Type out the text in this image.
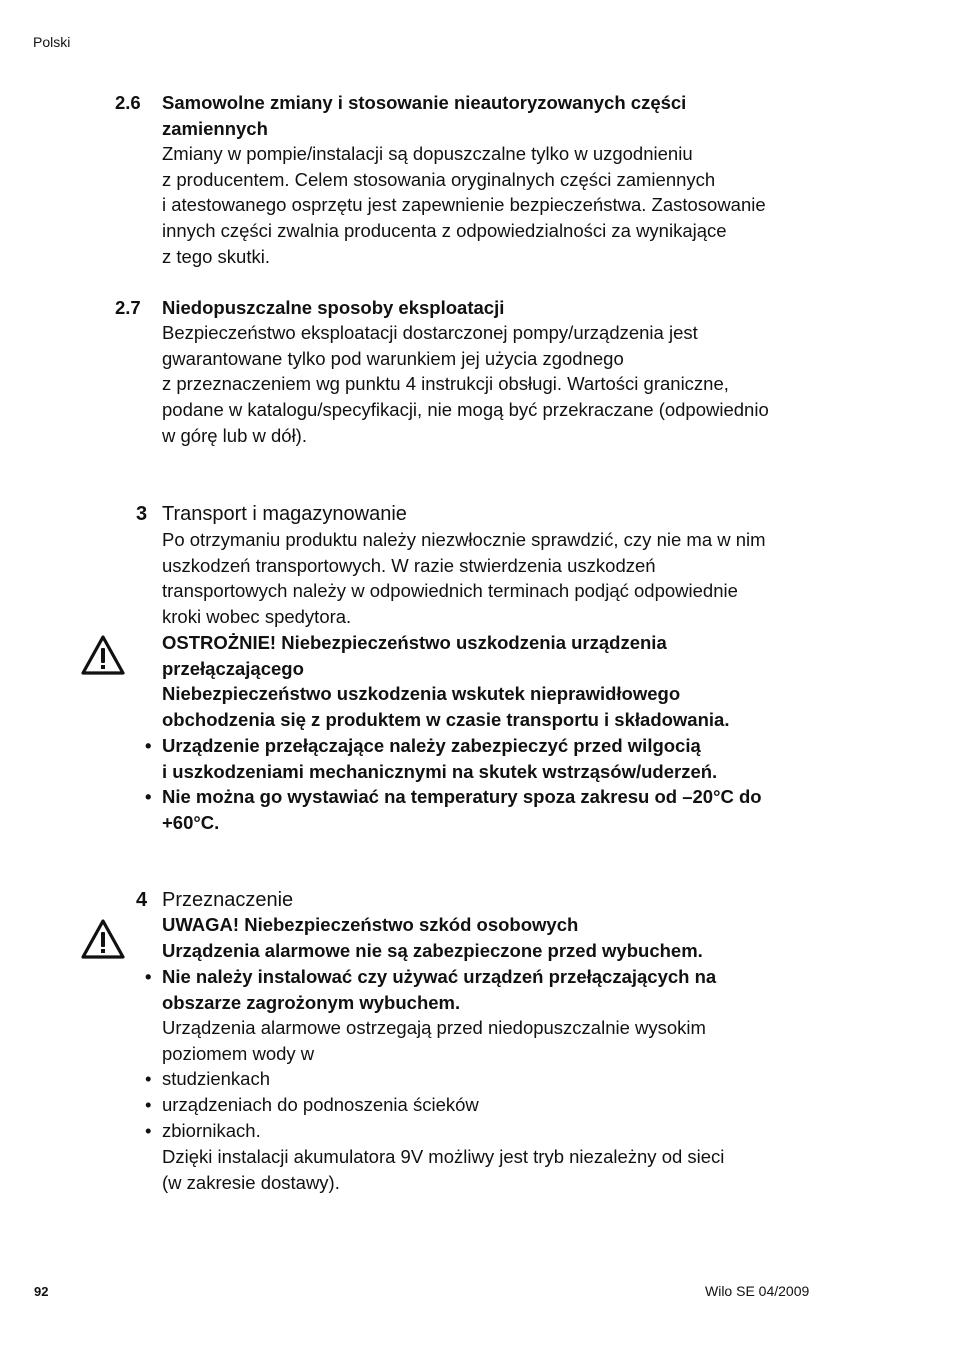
Polski
2.6 Samowolne zmiany i stosowanie nieautoryzowanych części
zamiennych
Zmiany w pompie/instalacji są dopuszczalne tylko w uzgodnieniu
z producentem. Celem stosowania oryginalnych części zamiennych
i atestowanego osprzętu jest zapewnienie bezpieczeństwa. Zastosowanie
innych części zwalnia producenta z odpowiedzialności za wynikające
z tego skutki.
2.7 Niedopuszczalne sposoby eksploatacji
Bezpieczeństwo eksploatacji dostarczonej pompy/urządzenia jest
gwarantowane tylko pod warunkiem jej użycia zgodnego
z przeznaczeniem wg punktu 4 instrukcji obsługi. Wartości graniczne,
podane w katalogu/specyfikacji, nie mogą być przekraczane (odpowiednio
w górę lub w dół).
3 Transport i magazynowanie
Po otrzymaniu produktu należy niezwłocznie sprawdzić, czy nie ma w nim
uszkodzeń transportowych. W razie stwierdzenia uszkodzeń
transportowych należy w odpowiednich terminach podjąć odpowiednie
kroki wobec spedytora.
OSTROŻNIE! Niebezpieczeństwo uszkodzenia urządzenia
przełączającego
Niebezpieczeństwo uszkodzenia wskutek nieprawidłowego
obchodzenia się z produktem w czasie transportu i składowania.
• Urządzenie przełączające należy zabezpieczyć przed wilgocią
i uszkodzeniami mechanicznymi na skutek wstrząsów/uderzeń.
• Nie można go wystawiać na temperatury spoza zakresu od –20°C do
+60°C.
4 Przeznaczenie
UWAGA! Niebezpieczeństwo szkód osobowych
Urządzenia alarmowe nie są zabezpieczone przed wybuchem.
• Nie należy instalować czy używać urządzeń przełączających na
obszarze zagrożonym wybuchem.
Urządzenia alarmowe ostrzegają przed niedopuszczalnie wysokim
poziomem wody w
• studzienkach
• urządzeniach do podnoszenia ścieków
• zbiornikach.
Dzięki instalacji akumulatora 9V możliwy jest tryb niezależny od sieci
(w zakresie dostawy).
92	Wilo SE 04/2009
